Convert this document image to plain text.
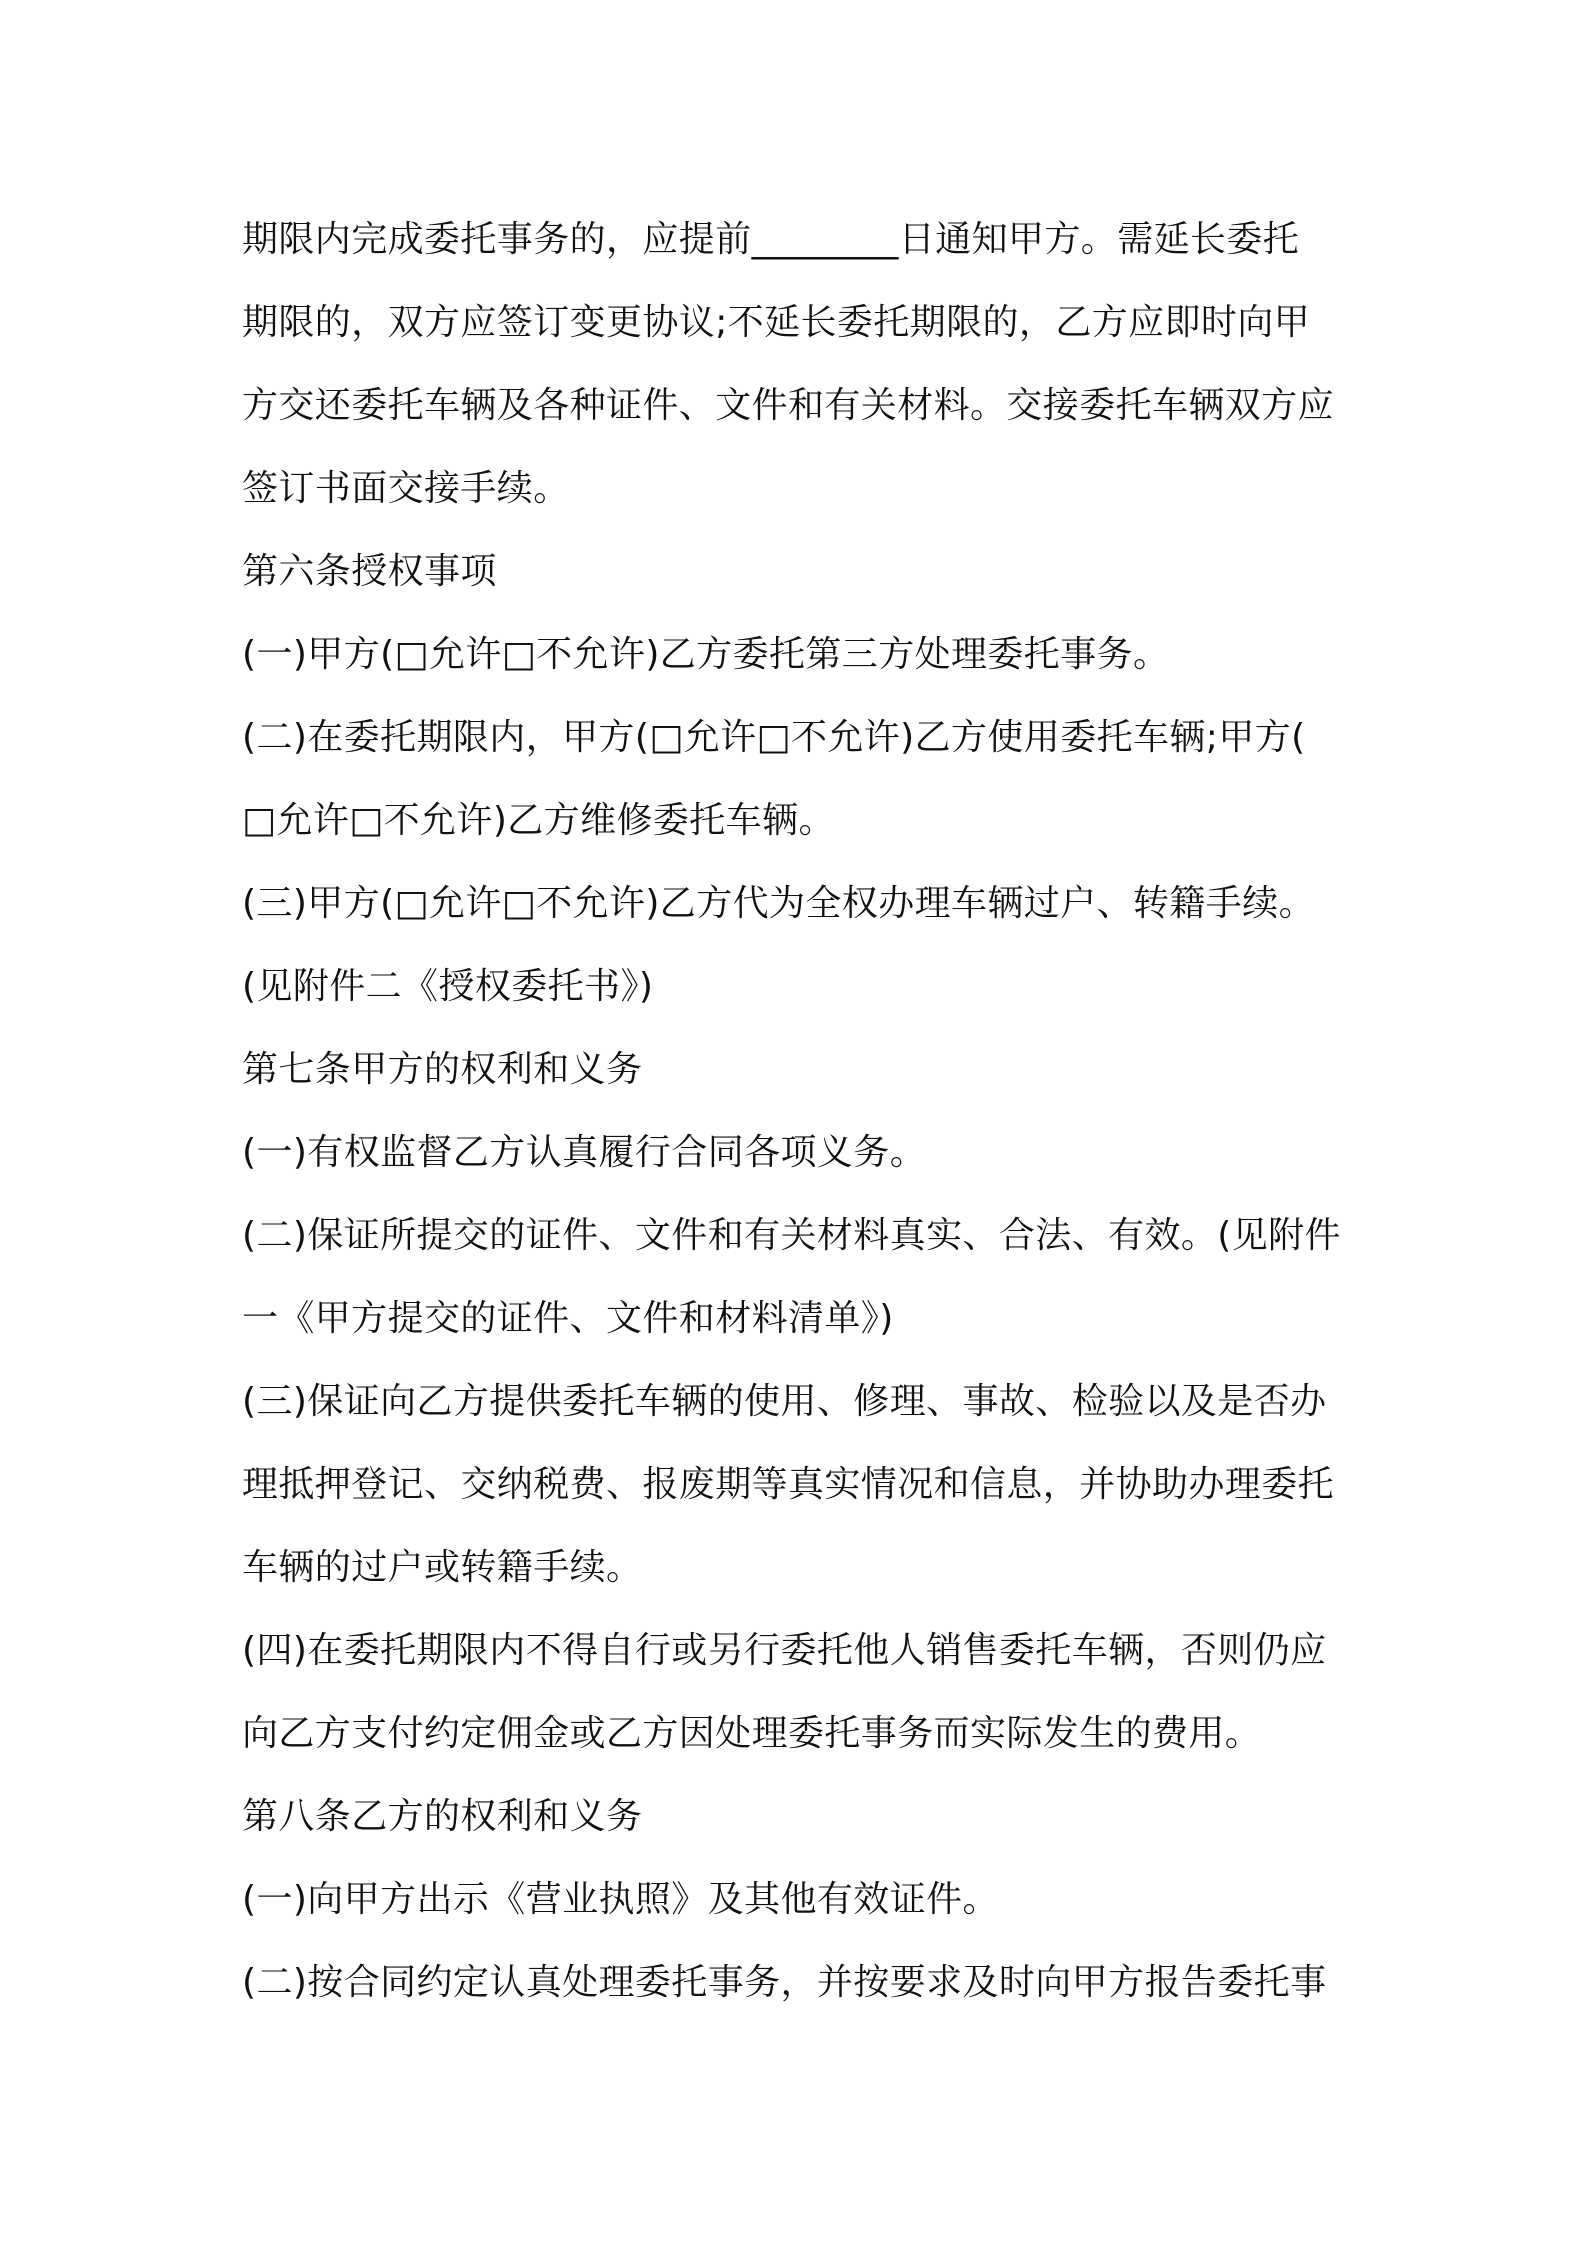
期限内完成委托事务的，应提前________日通知甲方。需延长委托
期限的，双方应签订变更协议;不延长委托期限的，乙方应即时向甲
方交还委托车辆及各种证件、文件和有关材料。交接委托车辆双方应
签订书面交接手续。
第六条授权事项
(一)甲方(□允许□不允许)乙方委托第三方处理委托事务。
(二)在委托期限内，甲方(□允许□不允许)乙方使用委托车辆;甲方(
□允许□不允许)乙方维修委托车辆。
(三)甲方(□允许□不允许)乙方代为全权办理车辆过户、转籍手续。
(见附件二《授权委托书》)
第七条甲方的权利和义务
(一)有权监督乙方认真履行合同各项义务。
(二)保证所提交的证件、文件和有关材料真实、合法、有效。(见附件
一《甲方提交的证件、文件和材料清单》)
(三)保证向乙方提供委托车辆的使用、修理、事故、检验以及是否办
理抵押登记、交纳税费、报废期等真实情况和信息，并协助办理委托
车辆的过户或转籍手续。
(四)在委托期限内不得自行或另行委托他人销售委托车辆，否则仍应
向乙方支付约定佣金或乙方因处理委托事务而实际发生的费用。
第八条乙方的权利和义务
(一)向甲方出示《营业执照》及其他有效证件。
(二)按合同约定认真处理委托事务，并按要求及时向甲方报告委托事
